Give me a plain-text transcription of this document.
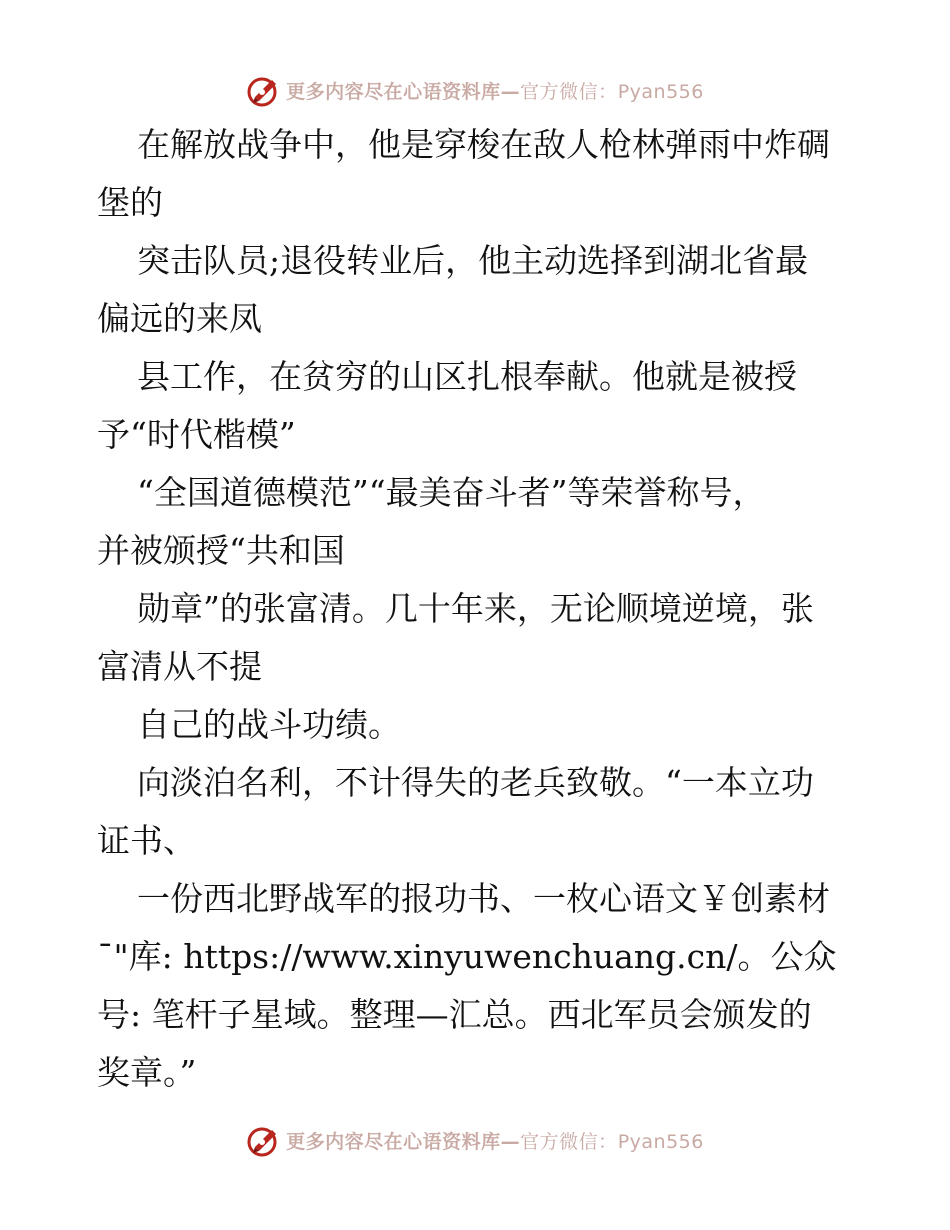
更多内容尽在心语资料库—官方微信：Pyan556
在解放战争中，他是穿梭在敌人枪林弹雨中炸碉
堡的
突击队员;退役转业后，他主动选择到湖北省最
偏远的来凤
县工作，在贫穷的山区扎根奉献。他就是被授
予“时代楷模”
“全国道德模范”“最美奋斗者”等荣誉称号，
并被颁授“共和国
勋章”的张富清。几十年来，无论顺境逆境，张
富清从不提
自己的战斗功绩。
向淡泊名利，不计得失的老兵致敬。“一本立功
证书、
一份西北野战军的报功书、一枚心语文￥创素材
¯"库: https://www.xinyuwenchuang.cn/。公众
号: 笔杆子星域。整理—汇总。西北军员会颁发的
奖章。”
更多内容尽在心语资料库—官方微信：Pyan556
